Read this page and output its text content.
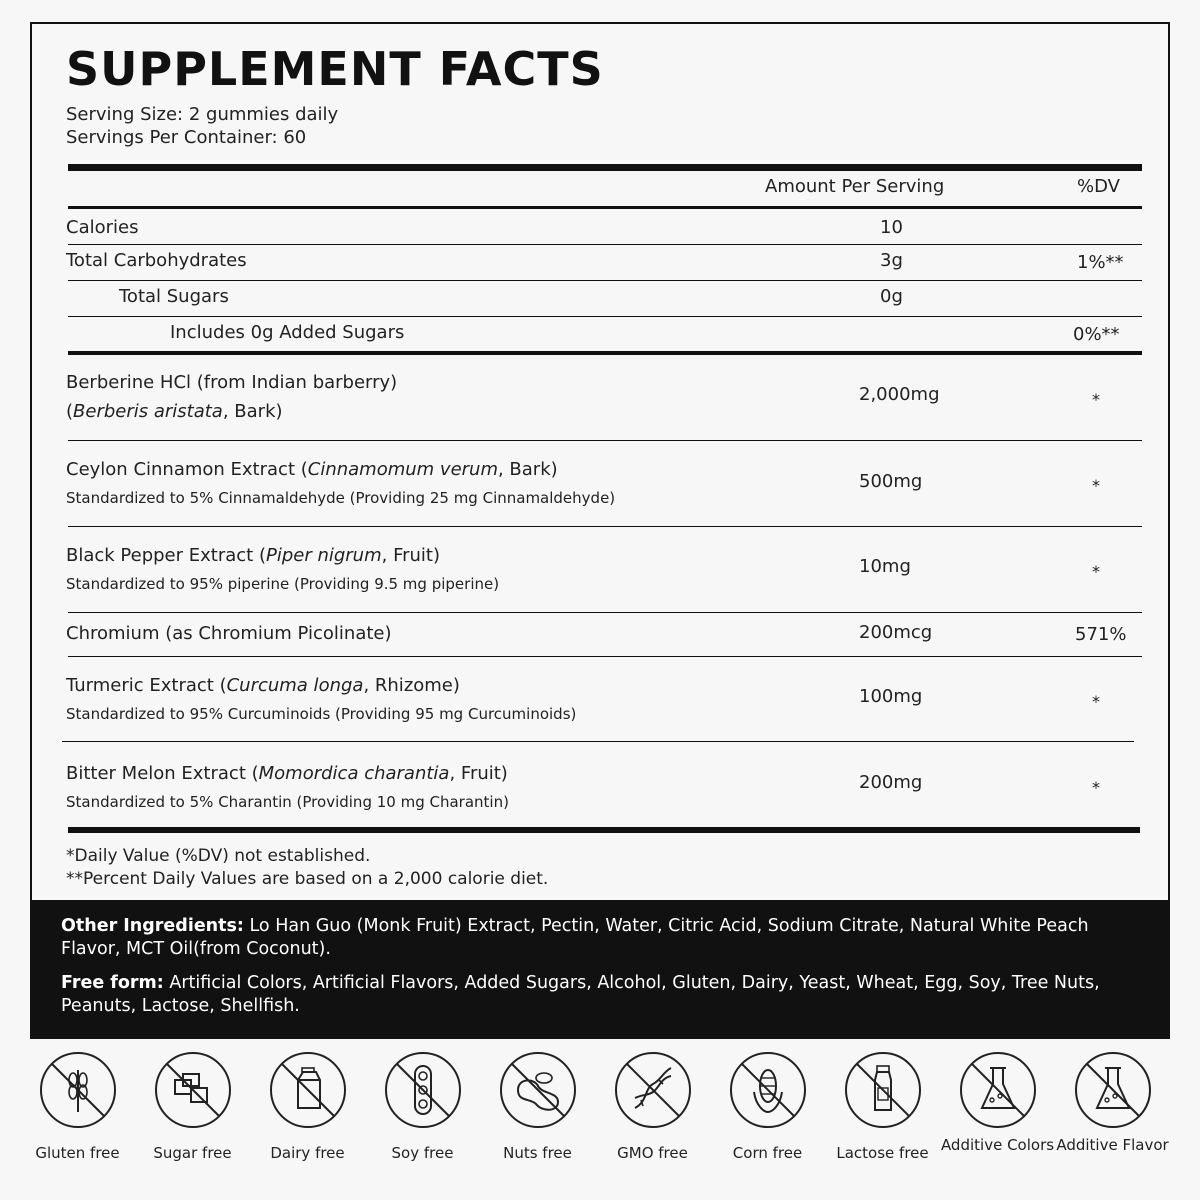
SUPPLEMENT FACTS
Serving Size: 2 gummies daily
Servings Per Container: 60
Amount Per Serving	%DV
Calories	10
Total Carbohydrates	3g	1%**
Total Sugars	0g
Includes 0g Added Sugars	0%**
Berberine HCl (from Indian barberry)
(Berberis aristata, Bark)
2,000mg	*
Ceylon Cinnamon Extract (Cinnamomum verum, Bark)
Standardized to 5% Cinnamaldehyde (Providing 25 mg Cinnamaldehyde)
500mg	*
Black Pepper Extract (Piper nigrum, Fruit)
Standardized to 95% piperine (Providing 9.5 mg piperine)
10mg	*
Chromium (as Chromium Picolinate)	200mcg	571%
Turmeric Extract (Curcuma longa, Rhizome)
Standardized to 95% Curcuminoids (Providing 95 mg Curcuminoids)
100mg	*
Bitter Melon Extract (Momordica charantia, Fruit)
Standardized to 5% Charantin (Providing 10 mg Charantin)
200mg	*
*Daily Value (%DV) not established.
**Percent Daily Values are based on a 2,000 calorie diet.
Other Ingredients: Lo Han Guo (Monk Fruit) Extract, Pectin, Water, Citric Acid, Sodium Citrate, Natural White Peach Flavor, MCT Oil(from Coconut).
Free form: Artificial Colors, Artificial Flavors, Added Sugars, Alcohol, Gluten, Dairy, Yeast, Wheat, Egg, Soy, Tree Nuts, Peanuts, Lactose, Shellfish.
Gluten free	Sugar free	Dairy free	Soy free	Nuts free	GMO free	Corn free	Lactose free Additive Colors Additive Flavor
